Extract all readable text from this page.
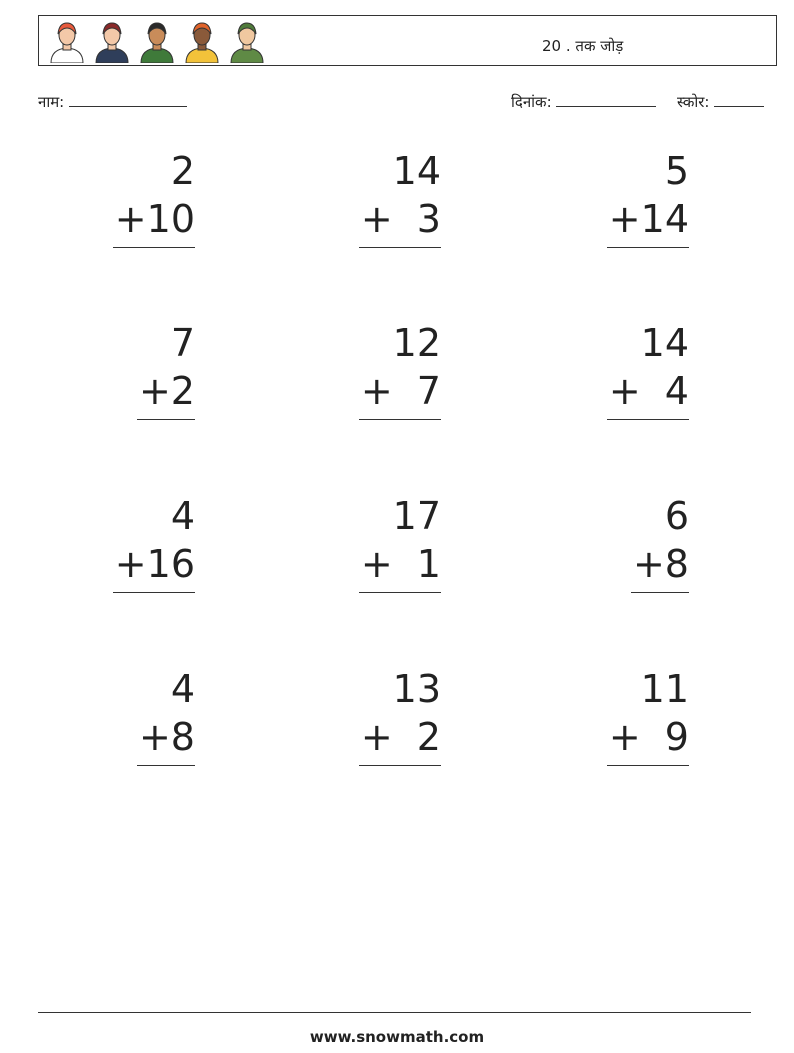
20 . तक जोड़
नाम:	दिनांक:	स्कोर:
2
+10
14
+  3
5
+14
7
+2
12
+  7
14
+  4
4
+16
17
+  1
6
+8
4
+8
13
+  2
11
+  9
www.snowmath.com
